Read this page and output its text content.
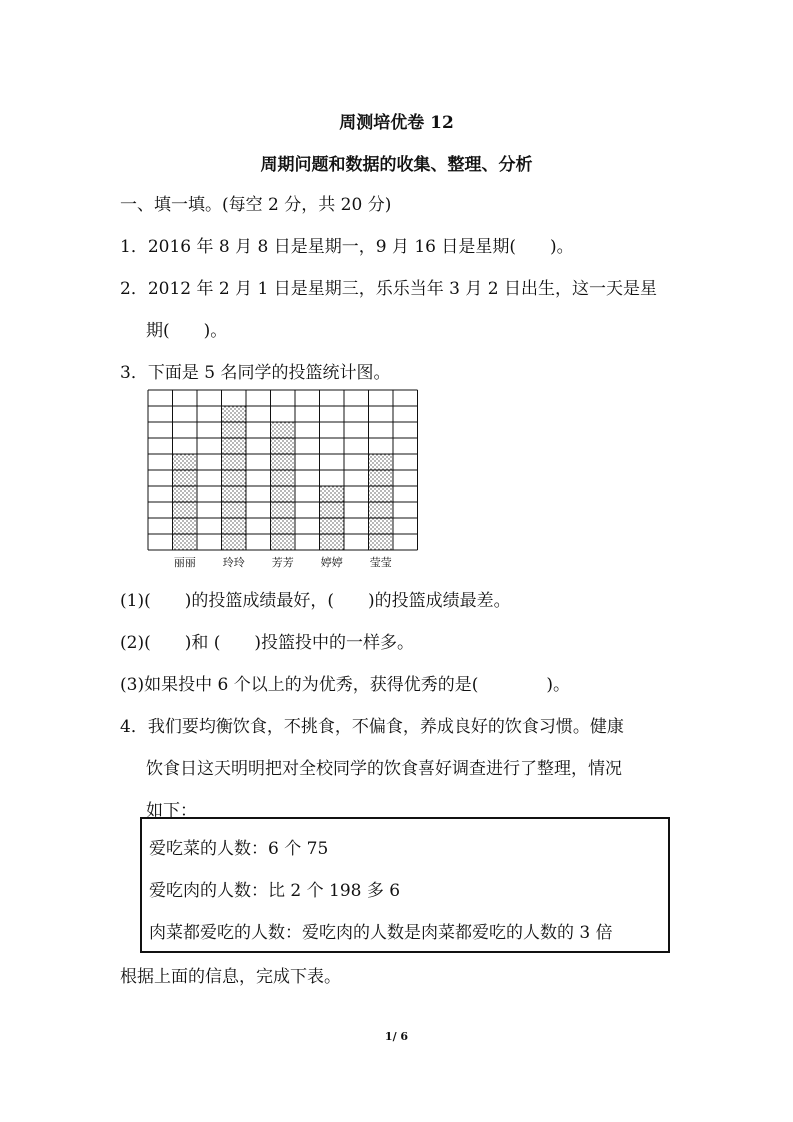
周测培优卷 12
周期问题和数据的收集、整理、分析
一、填一填。(每空 2 分，共 20 分)
1．2016 年 8 月 8 日是星期一，9 月 16 日是星期(　　)。
2．2012 年 2 月 1 日是星期三，乐乐当年 3 月 2 日出生，这一天是星
期(　　)。
3．下面是 5 名同学的投篮统计图。
丽丽 玲玲 芳芳 婷婷 莹莹
(1)(　　)的投篮成绩最好，(　　)的投篮成绩最差。
(2)(　　)和 (　　)投篮投中的一样多。
(3)如果投中 6 个以上的为优秀，获得优秀的是(　　　　)。
4．我们要均衡饮食，不挑食，不偏食，养成良好的饮食习惯。健康
饮食日这天明明把对全校同学的饮食喜好调查进行了整理，情况
如下：
爱吃菜的人数：6 个 75
爱吃肉的人数：比 2 个 198 多 6
肉菜都爱吃的人数：爱吃肉的人数是肉菜都爱吃的人数的 3 倍
根据上面的信息，完成下表。
1/ 6
